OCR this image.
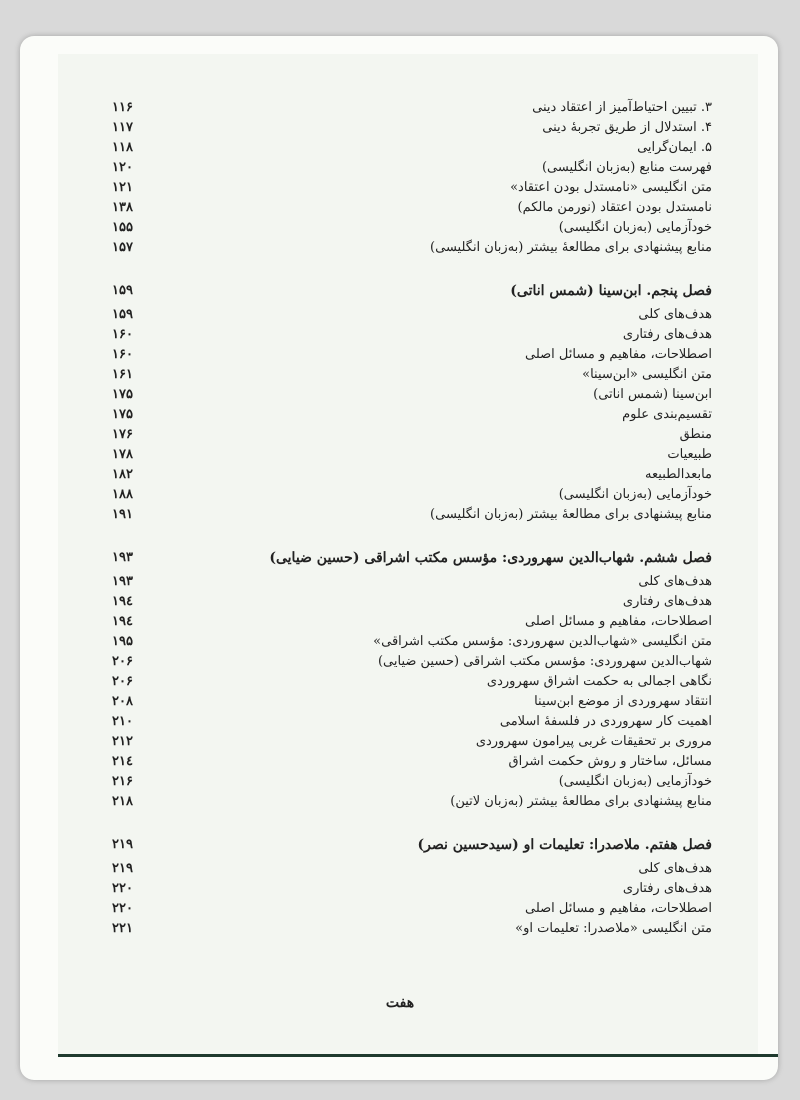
۳. تبیین احتیاط‌آمیز از اعتقاد دینی
۱۱۶
۴. استدلال از طریق تجربهٔ دینی
۱۱۷
۵. ایمان‌گرایی
۱۱۸
فهرست منابع (به‌زبان انگلیسی)
۱۲۰
متن انگلیسی «نامستدل بودن اعتقاد»
۱۲۱
نامستدل بودن اعتقاد (نورمن مالکم)
۱۳۸
خودآزمایی (به‌زبان انگلیسی)
۱۵۵
منابع پیشنهادی برای مطالعهٔ بیشتر (به‌زبان انگلیسی)
۱۵۷
فصل پنجم. ابن‌سینا (شمس اناتی)
۱۵۹
هدف‌های کلی
۱۵۹
هدف‌های رفتاری
۱۶۰
اصطلاحات، مفاهیم و مسائل اصلی
۱۶۰
متن انگلیسی «ابن‌سینا»
۱۶۱
ابن‌سینا (شمس اناتی)
۱۷۵
تقسیم‌بندی علوم
۱۷۵
منطق
۱۷۶
طبیعیات
۱۷۸
مابعدالطبیعه
۱۸۲
خودآزمایی (به‌زبان انگلیسی)
۱۸۸
منابع پیشنهادی برای مطالعهٔ بیشتر (به‌زبان انگلیسی)
۱۹۱
فصل ششم. شهاب‌الدین سهروردی: مؤسس مکتب اشراقی (حسین ضیایی)
۱۹۳
هدف‌های کلی
۱۹۳
هدف‌های رفتاری
۱۹٤
اصطلاحات، مفاهیم و مسائل اصلی
۱۹٤
متن انگلیسی «شهاب‌الدین سهروردی: مؤسس مکتب اشراقی»
۱۹۵
شهاب‌الدین سهروردی: مؤسس مکتب اشراقی (حسین ضیایی)
۲۰۶
نگاهی اجمالی به حکمت اشراق سهروردی
۲۰۶
انتقاد سهروردی از موضع ابن‌سینا
۲۰۸
اهمیت کار سهروردی در فلسفهٔ اسلامی
۲۱۰
مروری بر تحقیقات غربی پیرامون سهروردی
۲۱۲
مسائل، ساختار و روش حکمت اشراق
۲۱٤
خودآزمایی (به‌زبان انگلیسی)
۲۱۶
منابع پیشنهادی برای مطالعهٔ بیشتر (به‌زبان لاتین)
۲۱۸
فصل هفتم. ملاصدرا: تعلیمات او (سیدحسین نصر)
۲۱۹
هدف‌های کلی
۲۱۹
هدف‌های رفتاری
۲۲۰
اصطلاحات، مفاهیم و مسائل اصلی
۲۲۰
متن انگلیسی «ملاصدرا: تعلیمات او»
۲۲۱
هفت
